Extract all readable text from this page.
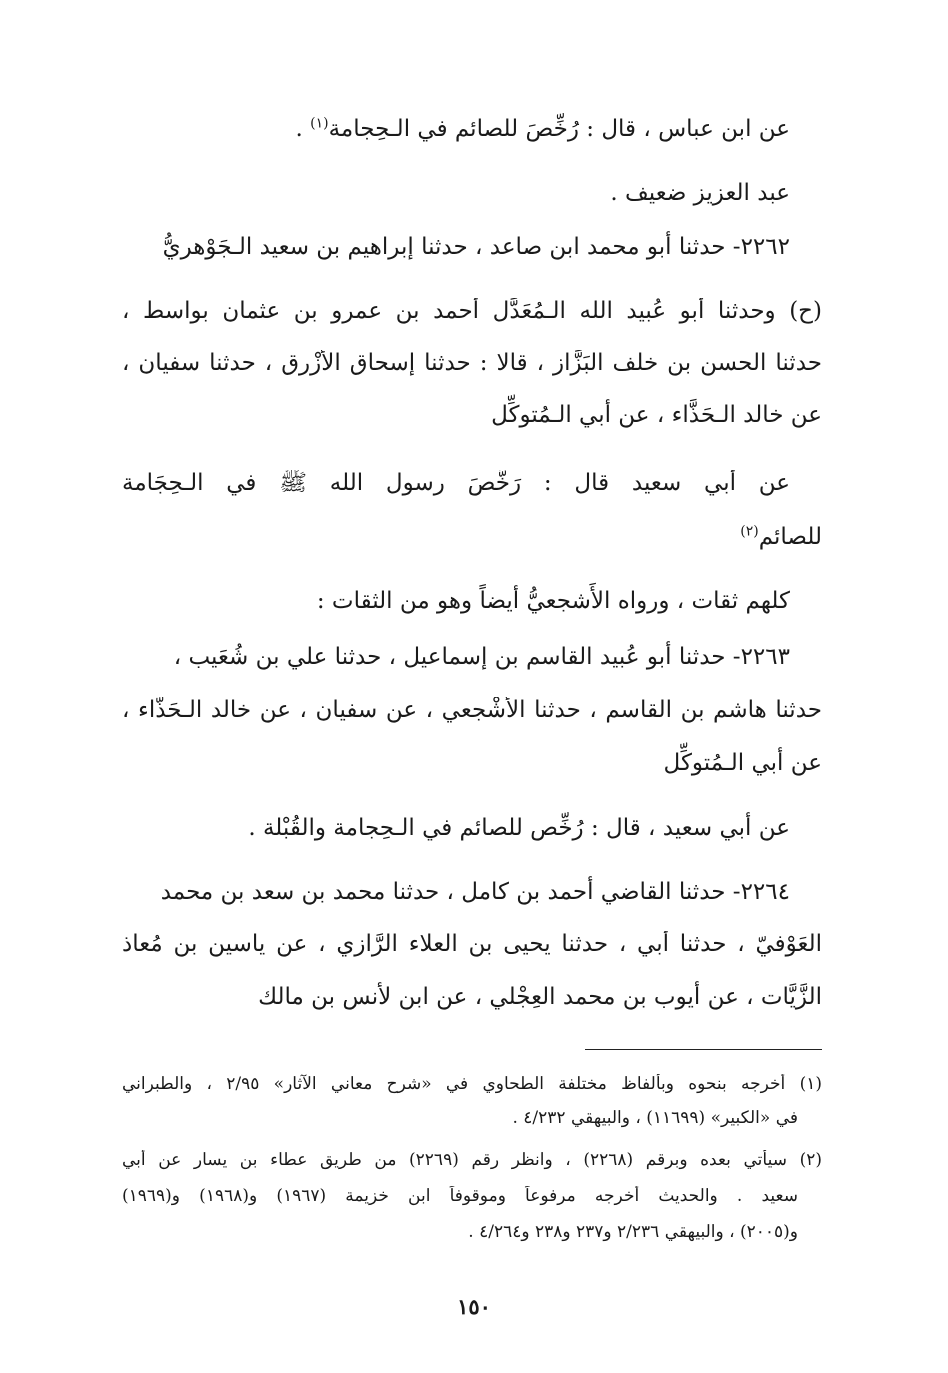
عن ابن عباس ، قال : رُخِّصَ للصائم في الـحِجامة$^{(١)}$ .
عبد العزيز ضعيف .
٢٢٦٢- حدثنا أبو محمد ابن صاعد ، حدثنا إبراهيم بن سعيد الـجَوْهريُّ
(ح) وحدثنا أبو عُبيد الله الـمُعَدَّل أحمد بن عمرو بن عثمان بواسط ،
حدثنا الحسن بن خلف البَزَّاز ، قالا : حدثنا إسحاق الأزْرق ، حدثنا سفيان ،
عن خالد الـحَذَّاء ، عن أبي الـمُتوكِّل
عن أبي سعيد قال : رَخَّصَ رسول الله ﷺ في الـحِجَامة
للصائم$^{(٢)}$
كلهم ثقات ، ورواه الأَشجعيُّ أيضاً وهو من الثقات :
٢٢٦٣- حدثنا أبو عُبيد القاسم بن إسماعيل ، حدثنا علي بن شُعَيب ،
حدثنا هاشم بن القاسم ، حدثنا الأَشْجعي ، عن سفيان ، عن خالد الـحَذَّاء ،
عن أبي الـمُتوكِّل
عن أبي سعيد ، قال : رُخِّص للصائم في الـحِجامة والقُبْلة .
٢٢٦٤- حدثنا القاضي أحمد بن كامل ، حدثنا محمد بن سعد بن محمد
العَوْفيّ ، حدثنا أبي ، حدثنا يحيى بن العلاء الرَّازي ، عن ياسين بن مُعاذ
الزَّيَّات ، عن أيوب بن محمد العِجْلي ، عن ابن لأنس بن مالك
(١) أخرجه بنحوه وبألفاظ مختلفة الطحاوي في «شرح معاني الآثار» ٢/٩٥ ، والطبراني
في «الكبير» (١١٦٩٩) ، والبيهقي ٤/٢٣٢ .
(٢) سيأتي بعده وبرقم (٢٢٦٨) ، وانظر رقم (٢٢٦٩) من طريق عطاء بن يسار عن أبي
سعيد . والحديث أخرجه مرفوعاً وموقوفاً ابن خزيمة (١٩٦٧) و(١٩٦٨) و(١٩٦٩)
و(٢٠٠٥) ، والبيهقي ٢/٢٣٦ و٢٣٧ و٢٣٨ و٤/٢٦٤ .
١٥٠
